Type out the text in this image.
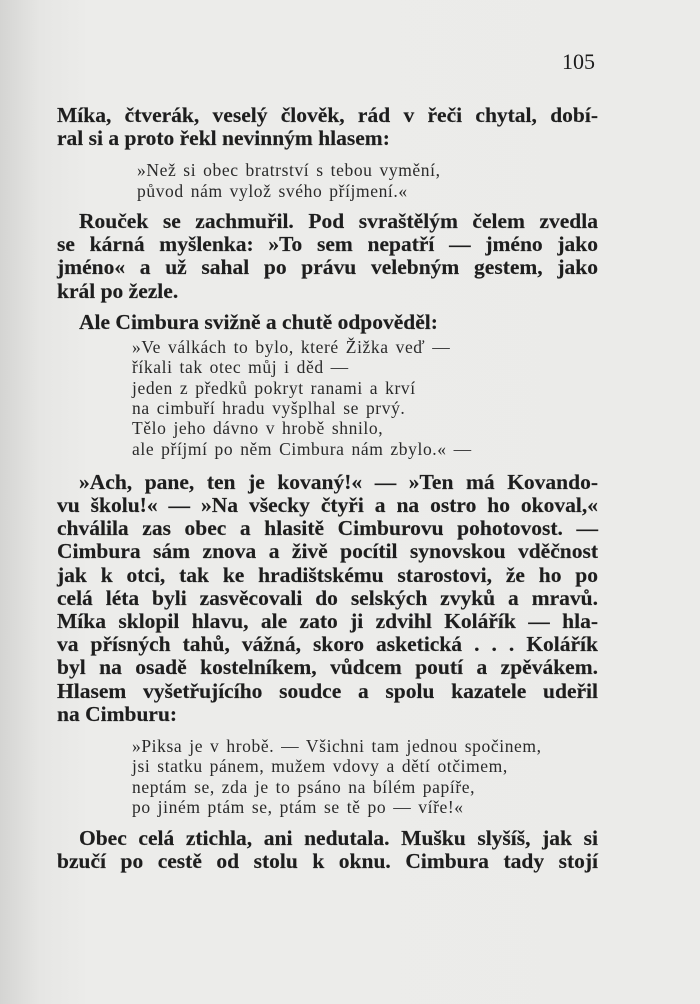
105
Míka, čtverák, veselý člověk, rád v řeči chytal, dobí-
ral si a proto řekl nevinným hlasem:
»Než si obec bratrství s tebou vymění,
původ nám vylož svého příjmení.«
Rouček se zachmuřil. Pod svraštělým čelem zvedla
se kárná myšlenka: »To sem nepatří — jméno jako
jméno« a už sahal po právu velebným gestem, jako
král po žezle.
Ale Cimbura svižně a chutě odpověděl:
»Ve válkách to bylo, které Žižka veď —
říkali tak otec můj i děd —
jeden z předků pokryt ranami a krví
na cimbuří hradu vyšplhal se prvý.
Tělo jeho dávno v hrobě shnilo,
ale příjmí po něm Cimbura nám zbylo.« —
»Ach, pane, ten je kovaný!« — »Ten má Kovando-
vu školu!« — »Na všecky čtyři a na ostro ho okoval,«
chválila zas obec a hlasitě Cimburovu pohotovost. —
Cimbura sám znova a živě pocítil synovskou vděčnost
jak k otci, tak ke hradištskému starostovi, že ho po
celá léta byli zasvěcovali do selských zvyků a mravů.
Míka sklopil hlavu, ale zato ji zdvihl Kolářík — hla-
va přísných tahů, vážná, skoro asketická . . . Kolářík
byl na osadě kostelníkem, vůdcem poutí a zpěvákem.
Hlasem vyšetřujícího soudce a spolu kazatele udeřil
na Cimburu:
»Piksa je v hrobě. — Všichni tam jednou spočinem,
jsi statku pánem, mužem vdovy a dětí otčimem,
neptám se, zda je to psáno na bílém papíře,
po jiném ptám se, ptám se tě po — víře!«
Obec celá ztichla, ani nedutala. Mušku slyšíš, jak si
bzučí po cestě od stolu k oknu. Cimbura tady stojí
